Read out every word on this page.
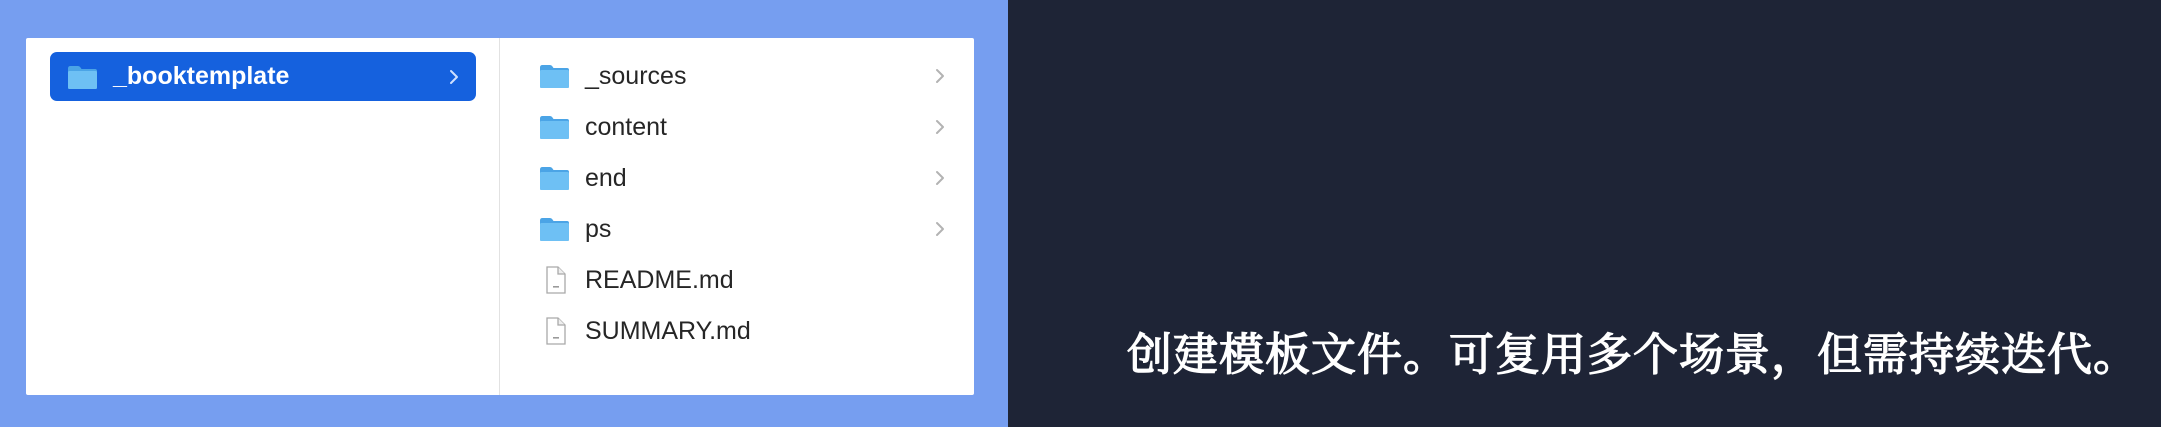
_booktemplate	_sources
content
end
ps
README.md
SUMMARY.md	创建模板文件。可复用多个场景，但需持续迭代。
